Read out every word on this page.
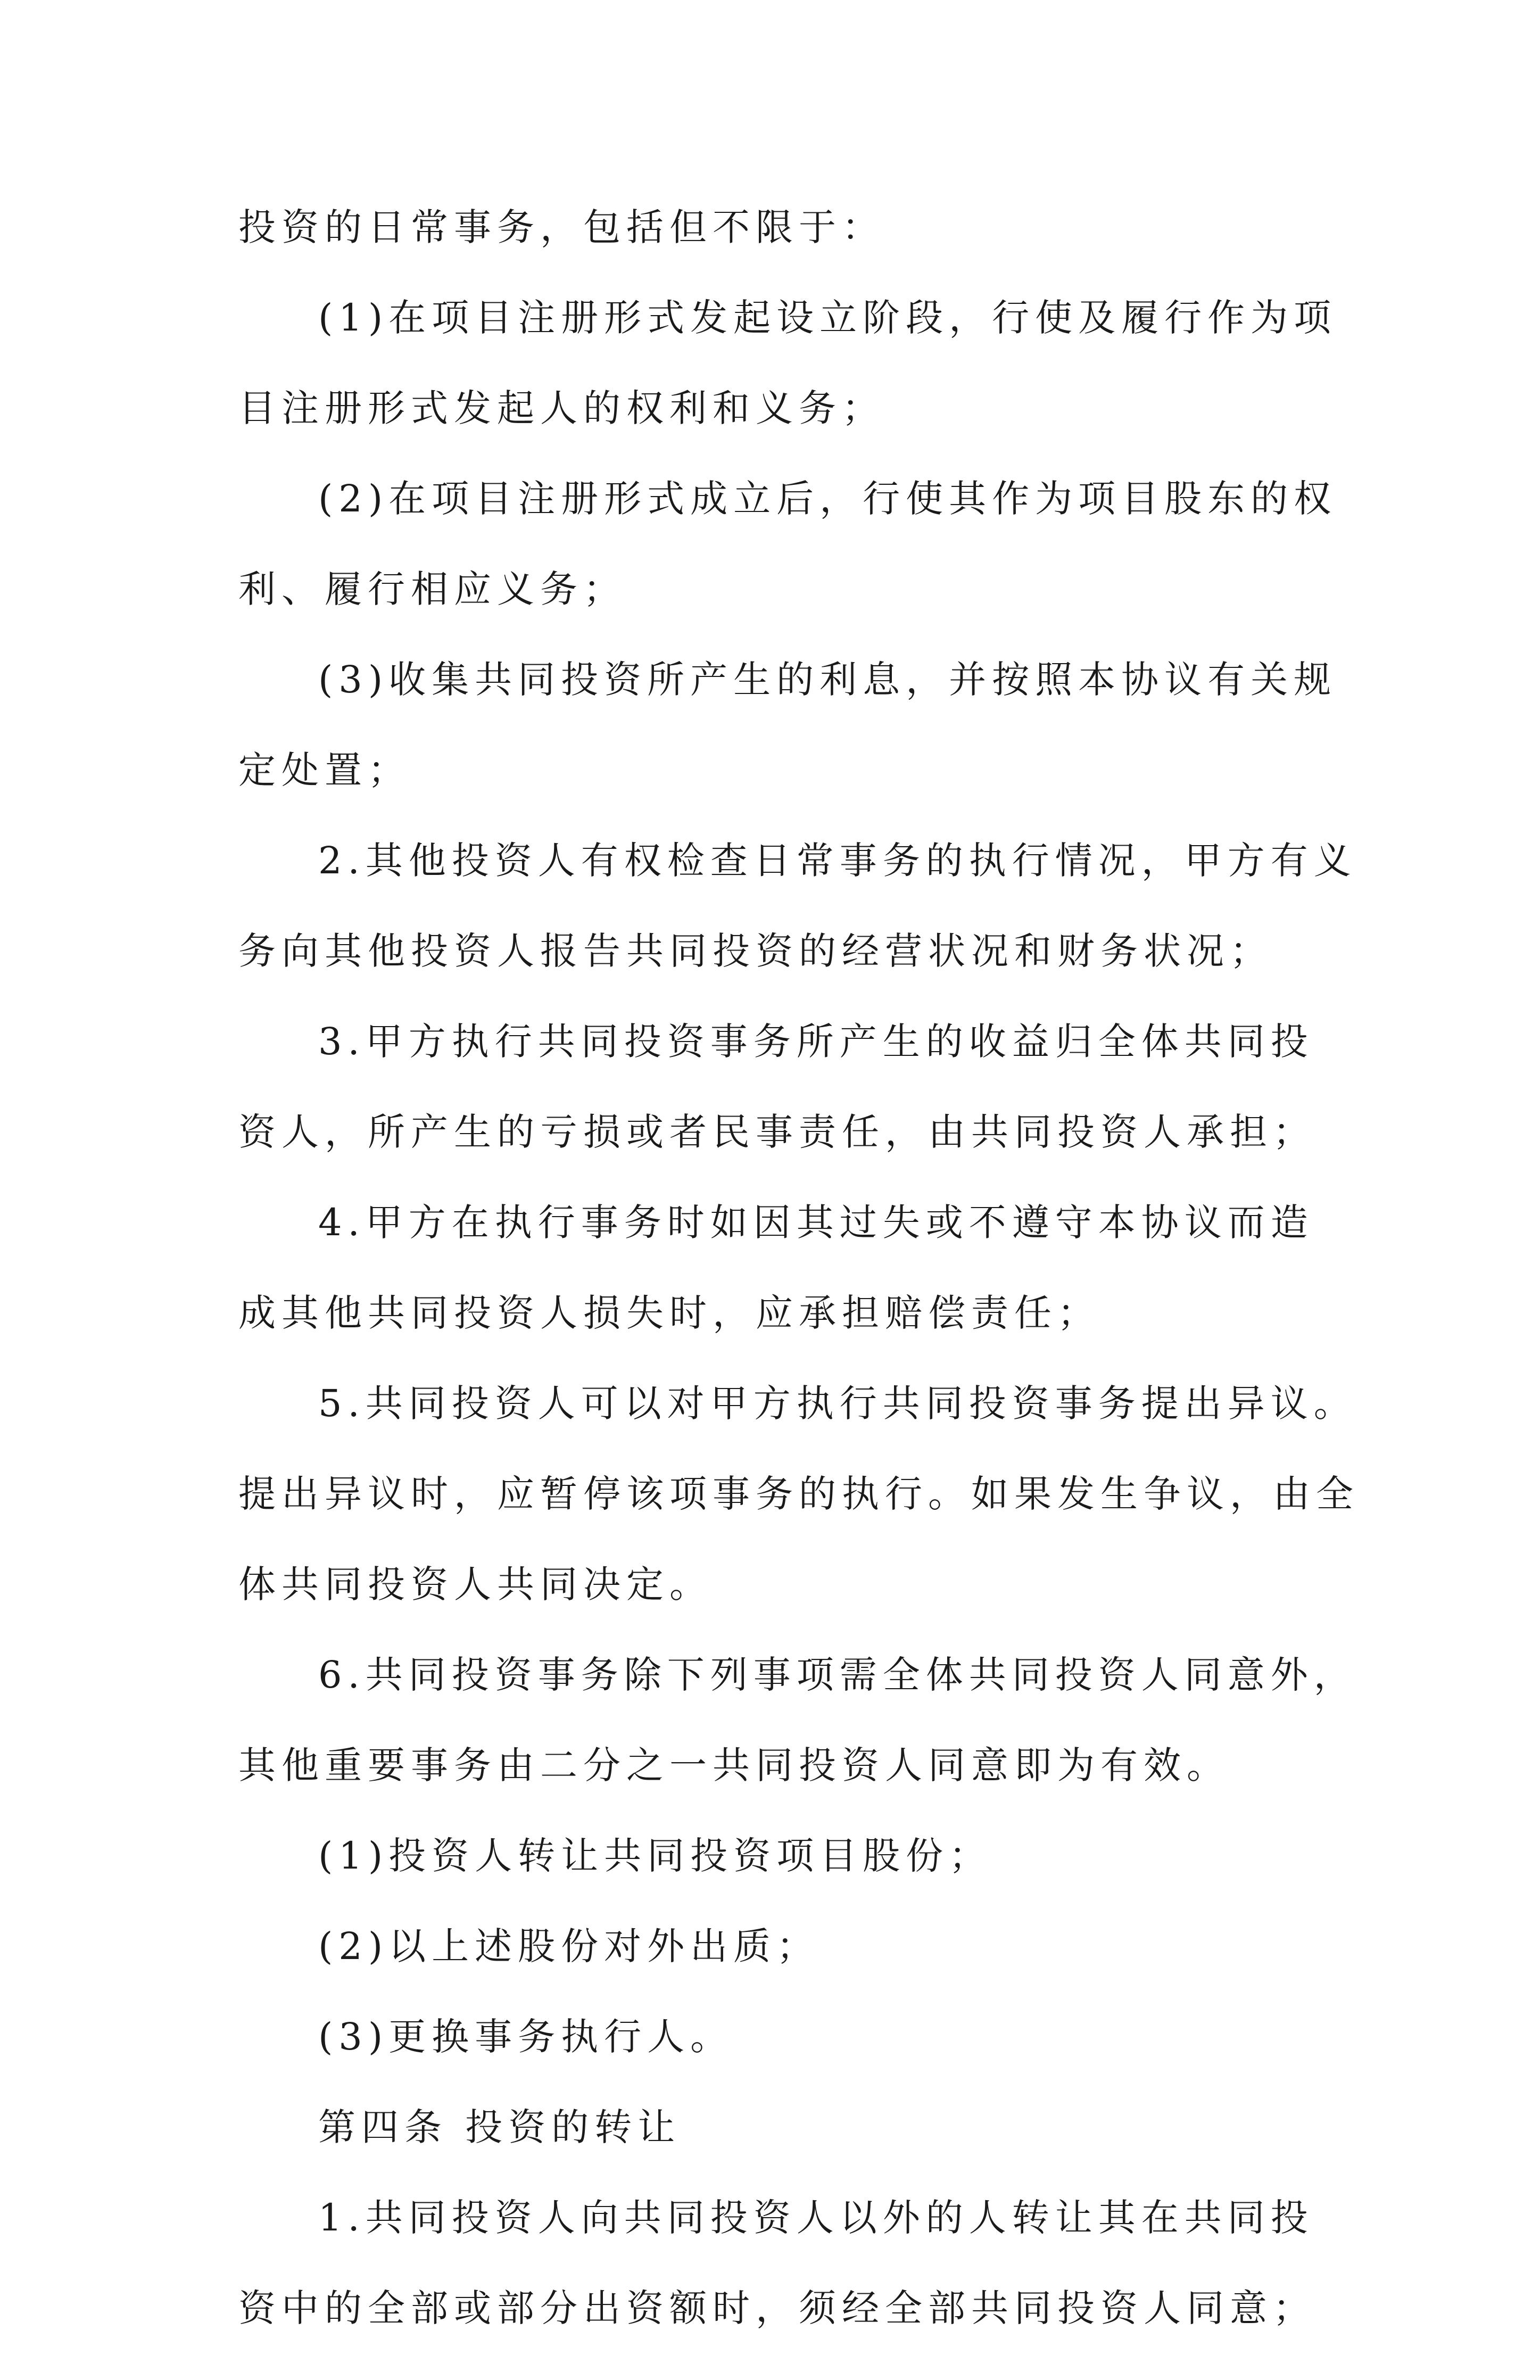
投资的日常事务，包括但不限于：
(1)在项目注册形式发起设立阶段，行使及履行作为项
目注册形式发起人的权利和义务；
(2)在项目注册形式成立后，行使其作为项目股东的权
利、履行相应义务；
(3)收集共同投资所产生的利息，并按照本协议有关规
定处置；
2.其他投资人有权检查日常事务的执行情况，甲方有义
务向其他投资人报告共同投资的经营状况和财务状况；
3.甲方执行共同投资事务所产生的收益归全体共同投
资人，所产生的亏损或者民事责任，由共同投资人承担；
4.甲方在执行事务时如因其过失或不遵守本协议而造
成其他共同投资人损失时，应承担赔偿责任；
5.共同投资人可以对甲方执行共同投资事务提出异议。
提出异议时，应暂停该项事务的执行。如果发生争议，由全
体共同投资人共同决定。
6.共同投资事务除下列事项需全体共同投资人同意外，
其他重要事务由二分之一共同投资人同意即为有效。
(1)投资人转让共同投资项目股份；
(2)以上述股份对外出质；
(3)更换事务执行人。
第四条 投资的转让
1.共同投资人向共同投资人以外的人转让其在共同投
资中的全部或部分出资额时，须经全部共同投资人同意；
